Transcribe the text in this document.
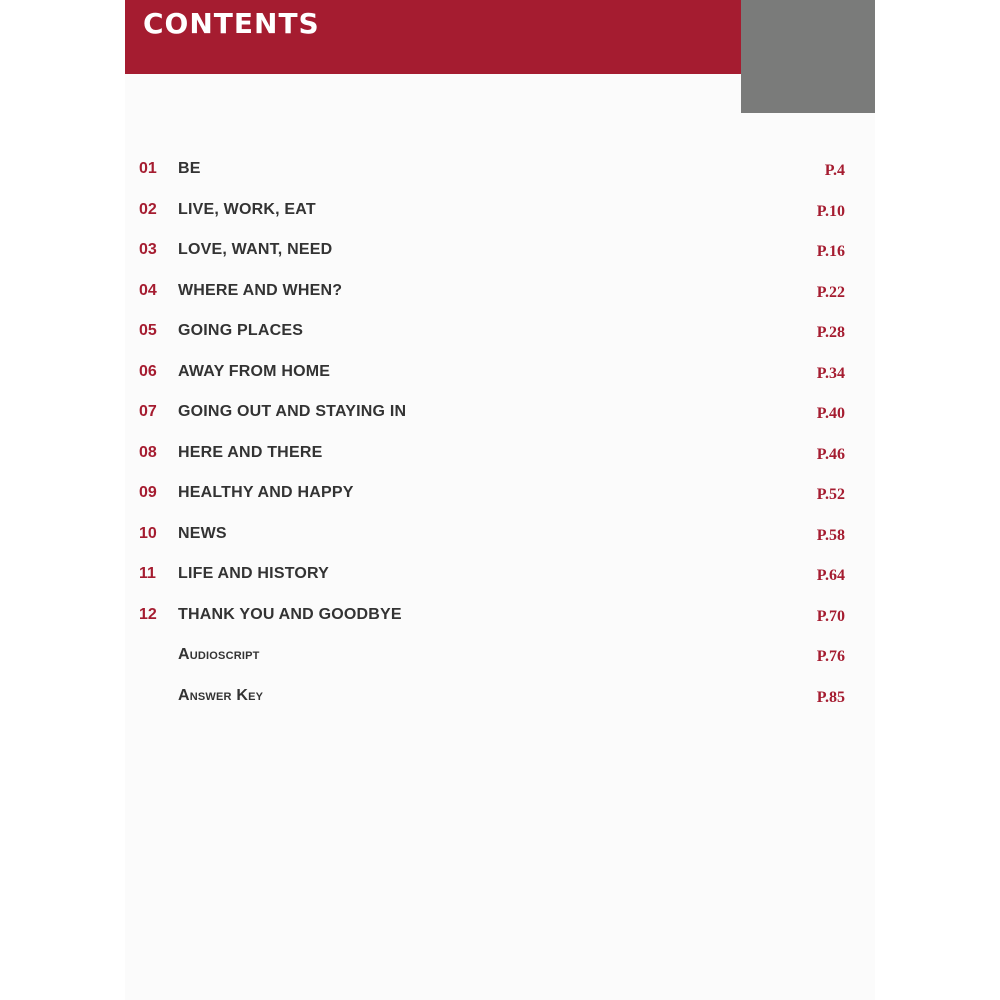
CONTENTS
01	BE	P.4
02	LIVE, WORK, EAT	P.10
03	LOVE, WANT, NEED	P.16
04	WHERE AND WHEN?	P.22
05	GOING PLACES	P.28
06	AWAY FROM HOME	P.34
07	GOING OUT AND STAYING IN	P.40
08	HERE AND THERE	P.46
09	HEALTHY AND HAPPY	P.52
10	NEWS	P.58
11	LIFE AND HISTORY	P.64
12	THANK YOU AND GOODBYE	P.70
Audioscript	P.76
Answer Key	P.85
